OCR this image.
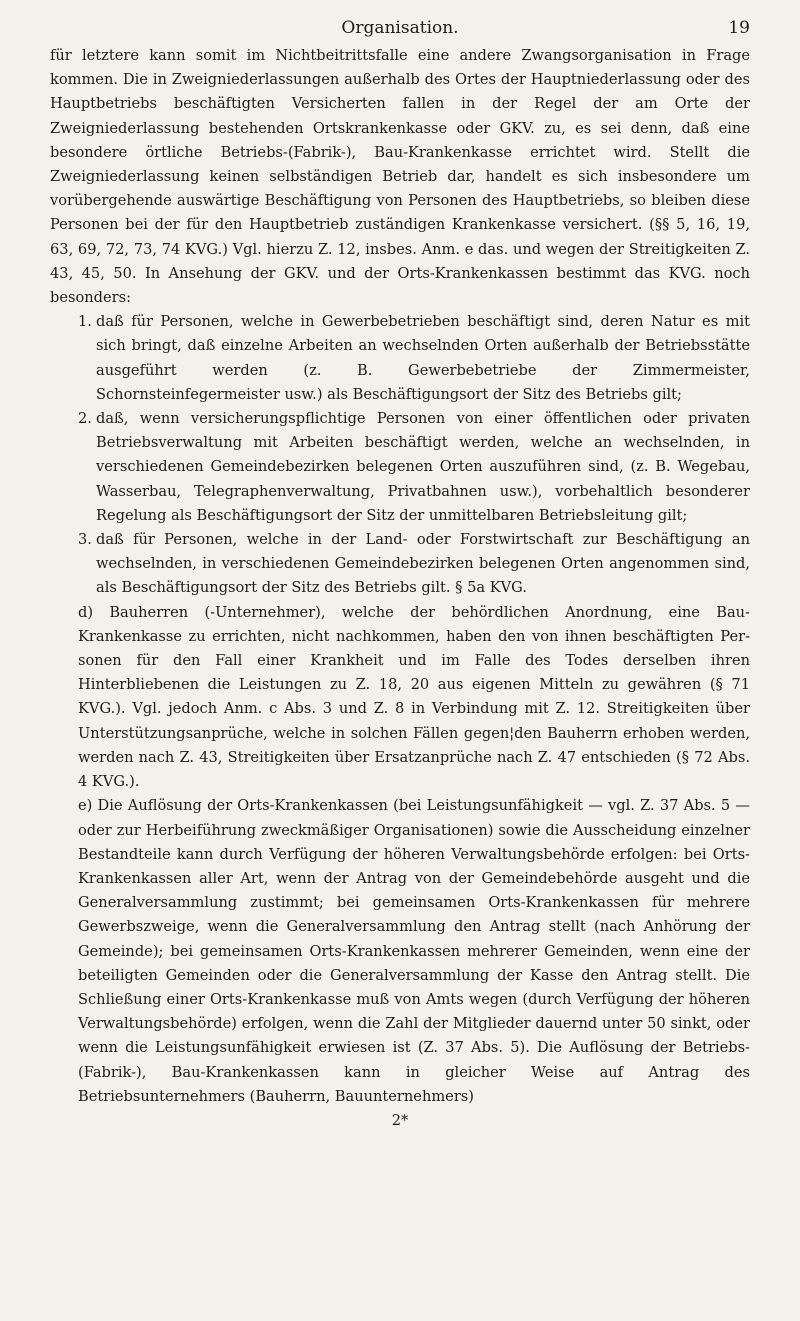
Organisation.	19

für letztere kann somit im Nichtbeitrittsfalle eine andere Zwangsorganisation in Frage kommen. Die in Zweigniederlassungen außerhalb des Ortes der Hauptniederlassung oder des Hauptbetriebs beschäftigten Versicherten fallen in der Regel der am Orte der Zweigniederlassung bestehenden Ortskrankenkasse oder GKV. zu, es sei denn, daß eine besondere örtliche Betriebs-(Fabrik-), Bau-Krankenkasse errichtet wird. Stellt die Zweigniederlassung keinen selbständigen Betrieb dar, handelt es sich insbesondere um vorübergehende auswärtige Beschäftigung von Personen des Hauptbetriebs, so bleiben diese Personen bei der für den Hauptbetrieb zuständigen Krankenkasse versichert. (§§ 5, 16, 19, 63, 69, 72, 73, 74 KVG.) Vgl. hierzu Z. 12, insbes. Anm. e das. und wegen der Streitigkeiten Z. 43, 45, 50. In Ansehung der GKV. und der Orts-Krankenkassen bestimmt das KVG. noch besonders:

1. daß für Personen, welche in Gewerbebetrieben beschäftigt sind, deren Natur es mit sich bringt, daß einzelne Arbeiten an wechselnden Orten außerhalb der Betriebsstätte ausgeführt werden (z. B. Gewerbebetriebe der Zimmermeister, Schornsteinfegermeister usw.) als Beschäftigungsort der Sitz des Betriebs gilt;
2. daß, wenn versicherungspflichtige Personen von einer öffentlichen oder privaten Betriebsverwaltung mit Arbeiten beschäftigt werden, welche an wechselnden, in verschiedenen Gemeindebezirken belegenen Orten auszuführen sind, (z. B. Wegebau, Wasserbau, Telegraphenverwaltung, Privatbahnen usw.), vorbehaltlich besonderer Regelung als Beschäftigungsort der Sitz der unmittelbaren Betriebsleitung gilt;
3. daß für Personen, welche in der Land- oder Forstwirtschaft zur Beschäftigung an wechselnden, in verschiedenen Gemeindebezirken belegenen Orten angenommen sind, als Beschäftigungsort der Sitz des Betriebs gilt. § 5a KVG.

d) Bauherren (-Unternehmer), welche der behördlichen Anordnung, eine Bau-Krankenkasse zu errichten, nicht nachkommen, haben den von ihnen beschäftigten Personen für den Fall einer Krankheit und im Falle des Todes derselben ihren Hinterbliebenen die Leistungen zu Z. 18, 20 aus eigenen Mitteln zu gewähren (§ 71 KVG.). Vgl. jedoch Anm. c Abs. 3 und Z. 8 in Verbindung mit Z. 12. Streitigkeiten über Unterstützungsanprüche, welche in solchen Fällen gegen¦den Bauherrn erhoben werden, werden nach Z. 43, Streitigkeiten über Ersatzanprüche nach Z. 47 entschieden (§ 72 Abs. 4 KVG.).

e) Die Auflösung der Orts-Krankenkassen (bei Leistungsunfähigkeit — vgl. Z. 37 Abs. 5 — oder zur Herbeiführung zweckmäßiger Organisationen) sowie die Ausscheidung einzelner Bestandteile kann durch Verfügung der höheren Verwaltungsbehörde erfolgen: bei Orts-Krankenkassen aller Art, wenn der Antrag von der Gemeindebehörde ausgeht und die Generalversammlung zustimmt; bei gemeinsamen Orts-Krankenkassen für mehrere Gewerbszweige, wenn die Generalversammlung den Antrag stellt (nach Anhörung der Gemeinde); bei gemeinsamen Orts-Krankenkassen mehrerer Gemeinden, wenn eine der beteiligten Gemeinden oder die Generalversammlung der Kasse den Antrag stellt. Die Schließung einer Orts-Krankenkasse muß von Amts wegen (durch Verfügung der höheren Verwaltungsbehörde) erfolgen, wenn die Zahl der Mitglieder dauernd unter 50 sinkt, oder wenn die Leistungsunfähigkeit erwiesen ist (Z. 37 Abs. 5). Die Auflösung der Betriebs-(Fabrik-), Bau-Krankenkassen kann in gleicher Weise auf Antrag des Betriebsunternehmers (Bauherrn, Bauunternehmers)

2*
